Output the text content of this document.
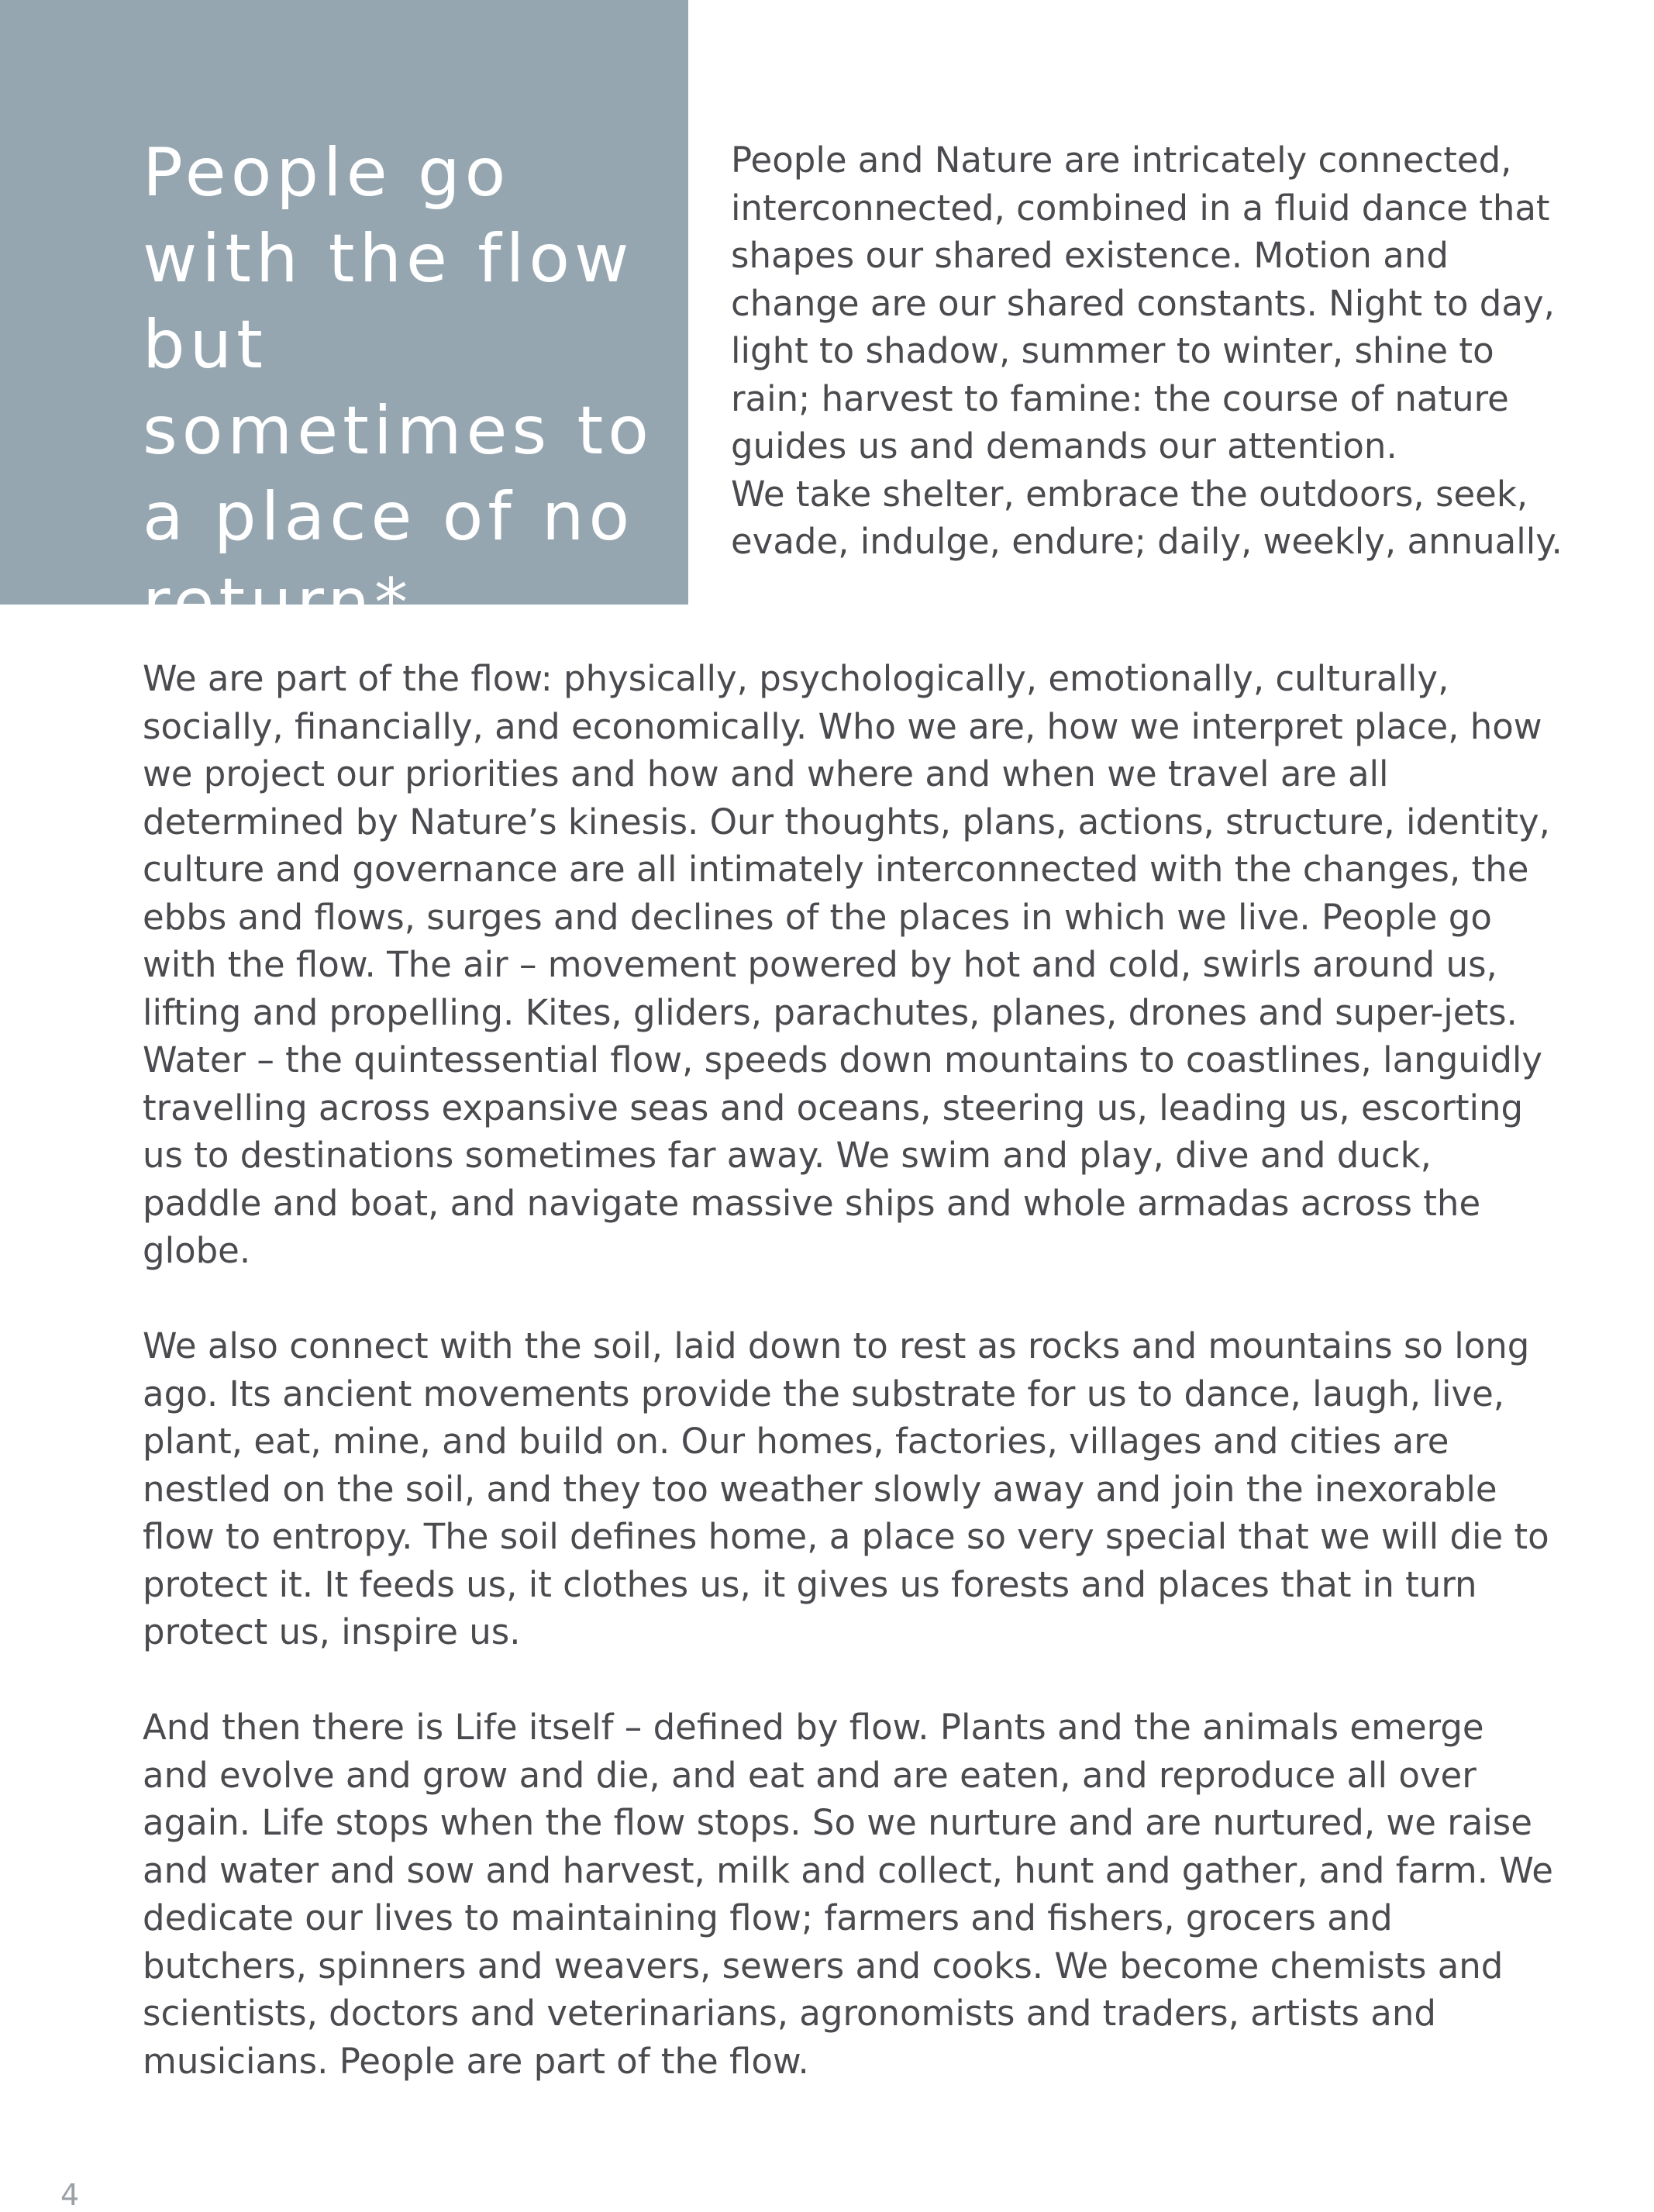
People go with the flow but sometimes to a place of no return*

People and Nature are intricately connected, interconnected, combined in a fluid dance that shapes our shared existence. Motion and change are our shared constants. Night to day, light to shadow, summer to winter, shine to rain; harvest to famine: the course of nature guides us and demands our attention.
We take shelter, embrace the outdoors, seek, evade, indulge, endure; daily, weekly, annually.

We are part of the flow: physically, psychologically, emotionally, culturally, socially, financially, and economically. Who we are, how we interpret place, how we project our priorities and how and where and when we travel are all determined by Nature’s kinesis. Our thoughts, plans, actions, structure, identity, culture and governance are all intimately interconnected with the changes, the ebbs and flows, surges and declines of the places in which we live. People go with the flow. The air – movement powered by hot and cold, swirls around us, lifting and propelling. Kites, gliders, parachutes, planes, drones and super-jets. Water – the quintessential flow, speeds down mountains to coastlines, languidly travelling across expansive seas and oceans, steering us, leading us, escorting us to destinations sometimes far away. We swim and play, dive and duck, paddle and boat, and navigate massive ships and whole armadas across the globe.

We also connect with the soil, laid down to rest as rocks and mountains so long ago. Its ancient movements provide the substrate for us to dance, laugh, live, plant, eat, mine, and build on. Our homes, factories, villages and cities are nestled on the soil, and they too weather slowly away and join the inexorable flow to entropy. The soil defines home, a place so very special that we will die to protect it. It feeds us, it clothes us, it gives us forests and places that in turn protect us, inspire us.

And then there is Life itself – defined by flow. Plants and the animals emerge and evolve and grow and die, and eat and are eaten, and reproduce all over again. Life stops when the flow stops. So we nurture and are nurtured, we raise and water and sow and harvest, milk and collect, hunt and gather, and farm. We dedicate our lives to maintaining flow; farmers and fishers, grocers and butchers, spinners and weavers, sewers and cooks. We become chemists and scientists, doctors and veterinarians, agronomists and traders, artists and musicians. People are part of the flow.

4
